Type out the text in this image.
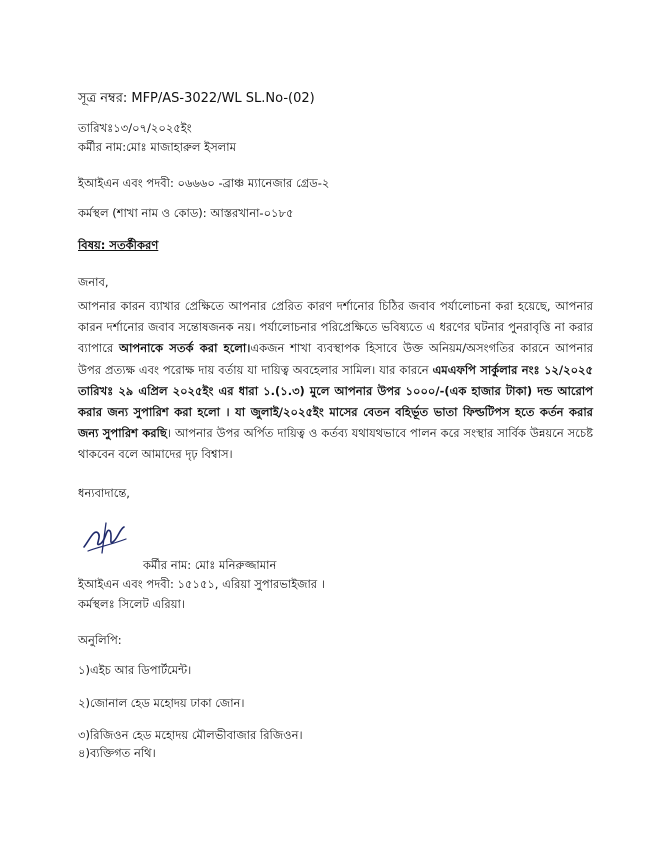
সূত্র নম্বর: MFP/AS-3022/WL SL.No-(02)
তারিখঃ১৩/০৭/২০২৫ইং
কর্মীর নাম:মোঃ মাজাহারুল ইসলাম
ইআইএন এবং পদবী: ০৬৬৬০ -ব্রাঞ্চ ম্যানেজার গ্রেড-২
কর্মস্থল (শাখা নাম ও কোড): আস্তরখানা-০১৮৫
বিষয়: সতর্কীকরণ
জনাব,
আপনার কারন ব্যাখার প্রেক্ষিতে আপনার প্রেরিত কারণ দর্শানোর চিঠির জবাব পর্যালোচনা করা হয়েছে, আপনার কারন দর্শানোর জবাব সন্তোষজনক নয়। পর্যালোচনার পরিপ্রেক্ষিতে ভবিষ্যতে এ ধরণের ঘটনার পুনরাবৃত্তি না করার ব্যাপারে আপনাকে সতর্ক করা হলো।একজন শাখা ব্যবস্থাপক হিসাবে উক্ত অনিয়ম/অসংগতির কারনে আপনার উপর প্রত্যক্ষ এবং পরোক্ষ দায় বর্তায় যা দায়িত্ব অবহেলার সামিল। যার কারনে এমএফপি সার্কুলার নংঃ ১২/২০২৫ তারিখঃ ২৯ এপ্রিল ২০২৫ইং এর ধারা ১.(১.৩) মুলে আপনার উপর ১০০০/-(এক হাজার টাকা) দন্ড আরোপ করার জন্য সুপারিশ করা হলো । যা জুলাই/২০২৫ইং মাসের বেতন বহির্ভূত ভাতা ফিল্ডটিপস হতে কর্তন করার জন্য সুপারিশ করছি। আপনার উপর অর্পিত দায়িত্ব ও কর্তব্য যথাযথভাবে পালন করে সংস্থার সার্বিক উন্নয়নে সচেষ্ট থাকবেন বলে আমাদের দৃঢ় বিশ্বাস।
ধন্যবাদান্তে,
কর্মীর নাম: মোঃ মনিরুজ্জামান
ইআইএন এবং পদবী: ১৫১৫১, এরিয়া সুপারভাইজার ।
কর্মস্থলঃ সিলেট এরিয়া।
অনুলিপি:
১)এইচ আর ডিপার্টমেন্ট।
২)জোনাল হেড মহোদয় ঢাকা জোন।
৩)রিজিওন হেড মহোদয় মৌলভীবাজার রিজিওন।
৪)ব্যক্তিগত নথি।
